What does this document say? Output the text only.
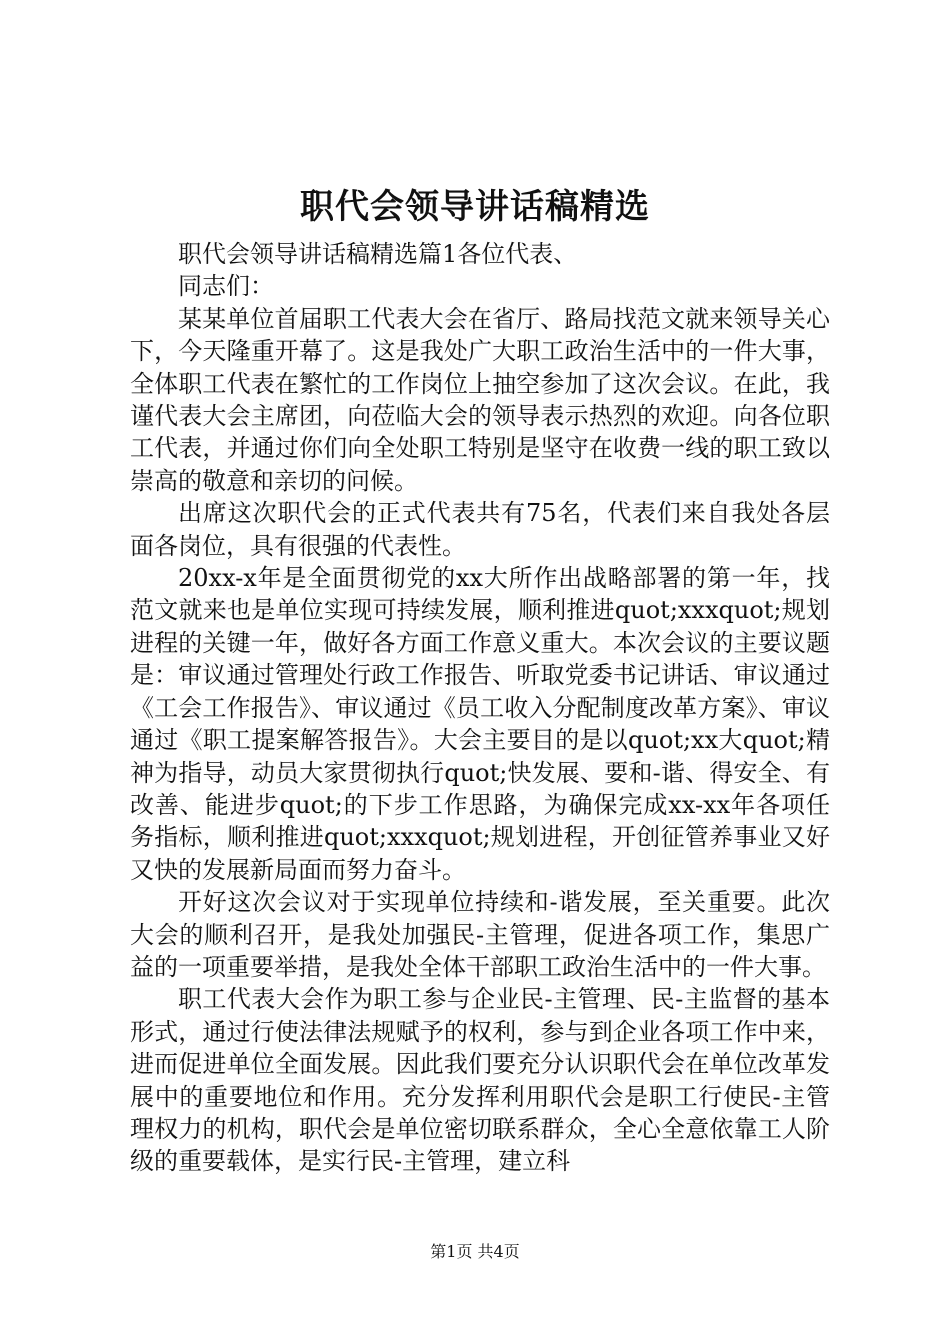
职代会领导讲话稿精选

职代会领导讲话稿精选篇1各位代表、

同志们：

某某单位首届职工代表大会在省厅、路局找范文就来领导关心下，今天隆重开幕了。这是我处广大职工政治生活中的一件大事，全体职工代表在繁忙的工作岗位上抽空参加了这次会议。在此，我谨代表大会主席团，向莅临大会的领导表示热烈的欢迎。向各位职工代表，并通过你们向全处职工特别是坚守在收费一线的职工致以崇高的敬意和亲切的问候。

出席这次职代会的正式代表共有75名，代表们来自我处各层面各岗位，具有很强的代表性。

20xx-x年是全面贯彻党的xx大所作出战略部署的第一年，找范文就来也是单位实现可持续发展，顺利推进quot;xxxquot;规划进程的关键一年，做好各方面工作意义重大。本次会议的主要议题是：审议通过管理处行政工作报告、听取党委书记讲话、审议通过《工会工作报告》、审议通过《员工收入分配制度改革方案》、审议通过《职工提案解答报告》。大会主要目的是以quot;xx大quot;精神为指导，动员大家贯彻执行quot;快发展、要和-谐、得安全、有改善、能进步quot;的下步工作思路，为确保完成xx-xx年各项任务指标，顺利推进quot;xxxquot;规划进程，开创征管养事业又好又快的发展新局面而努力奋斗。

开好这次会议对于实现单位持续和-谐发展，至关重要。此次大会的顺利召开，是我处加强民-主管理，促进各项工作，集思广益的一项重要举措，是我处全体干部职工政治生活中的一件大事。

职工代表大会作为职工参与企业民-主管理、民-主监督的基本形式，通过行使法律法规赋予的权利，参与到企业各项工作中来，进而促进单位全面发展。因此我们要充分认识职代会在单位改革发展中的重要地位和作用。充分发挥利用职代会是职工行使民-主管理权力的机构，职代会是单位密切联系群众，全心全意依靠工人阶级的重要载体，是实行民-主管理，建立科

第1页 共4页
